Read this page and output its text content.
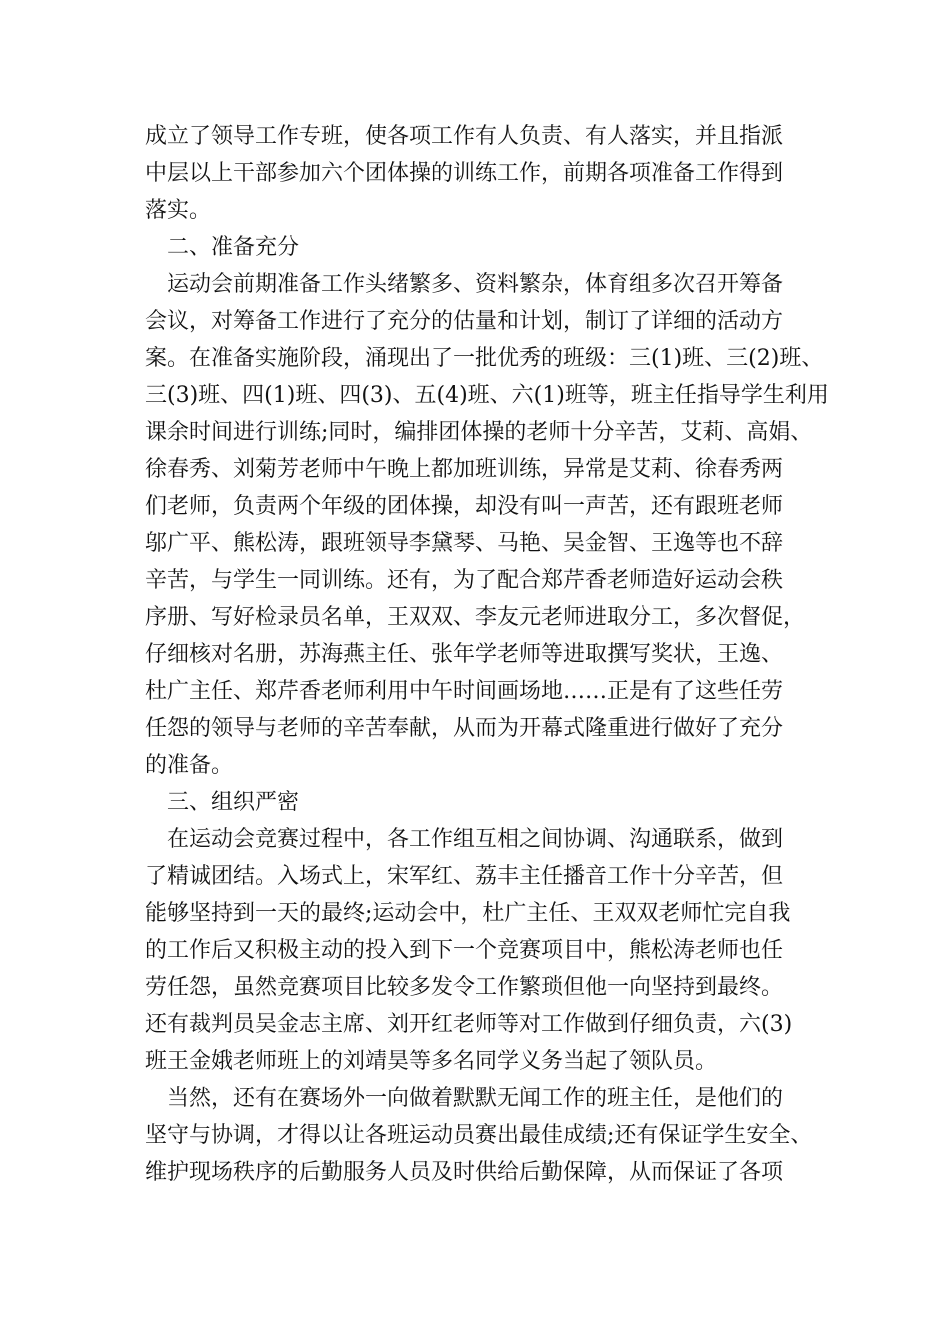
成立了领导工作专班，使各项工作有人负责、有人落实，并且指派
中层以上干部参加六个团体操的训练工作，前期各项准备工作得到
落实。
二、准备充分
运动会前期准备工作头绪繁多、资料繁杂，体育组多次召开筹备
会议，对筹备工作进行了充分的估量和计划，制订了详细的活动方
案。在准备实施阶段，涌现出了一批优秀的班级：三(1)班、三(2)班、
三(3)班、四(1)班、四(3)、五(4)班、六(1)班等，班主任指导学生利用
课余时间进行训练;同时，编排团体操的老师十分辛苦，艾莉、高娟、
徐春秀、刘菊芳老师中午晚上都加班训练，异常是艾莉、徐春秀两
们老师，负责两个年级的团体操，却没有叫一声苦，还有跟班老师
邬广平、熊松涛，跟班领导李黛琴、马艳、吴金智、王逸等也不辞
辛苦，与学生一同训练。还有，为了配合郑芹香老师造好运动会秩
序册、写好检录员名单，王双双、李友元老师进取分工，多次督促，
仔细核对名册，苏海燕主任、张年学老师等进取撰写奖状，王逸、
杜广主任、郑芹香老师利用中午时间画场地……正是有了这些任劳
任怨的领导与老师的辛苦奉献，从而为开幕式隆重进行做好了充分
的准备。
三、组织严密
在运动会竞赛过程中，各工作组互相之间协调、沟通联系，做到
了精诚团结。入场式上，宋军红、荔丰主任播音工作十分辛苦，但
能够坚持到一天的最终;运动会中，杜广主任、王双双老师忙完自我
的工作后又积极主动的投入到下一个竞赛项目中，熊松涛老师也任
劳任怨，虽然竞赛项目比较多发令工作繁琐但他一向坚持到最终。
还有裁判员吴金志主席、刘开红老师等对工作做到仔细负责，六(3)
班王金娥老师班上的刘靖昊等多名同学义务当起了领队员。
当然，还有在赛场外一向做着默默无闻工作的班主任，是他们的
坚守与协调，才得以让各班运动员赛出最佳成绩;还有保证学生安全、
维护现场秩序的后勤服务人员及时供给后勤保障，从而保证了各项
